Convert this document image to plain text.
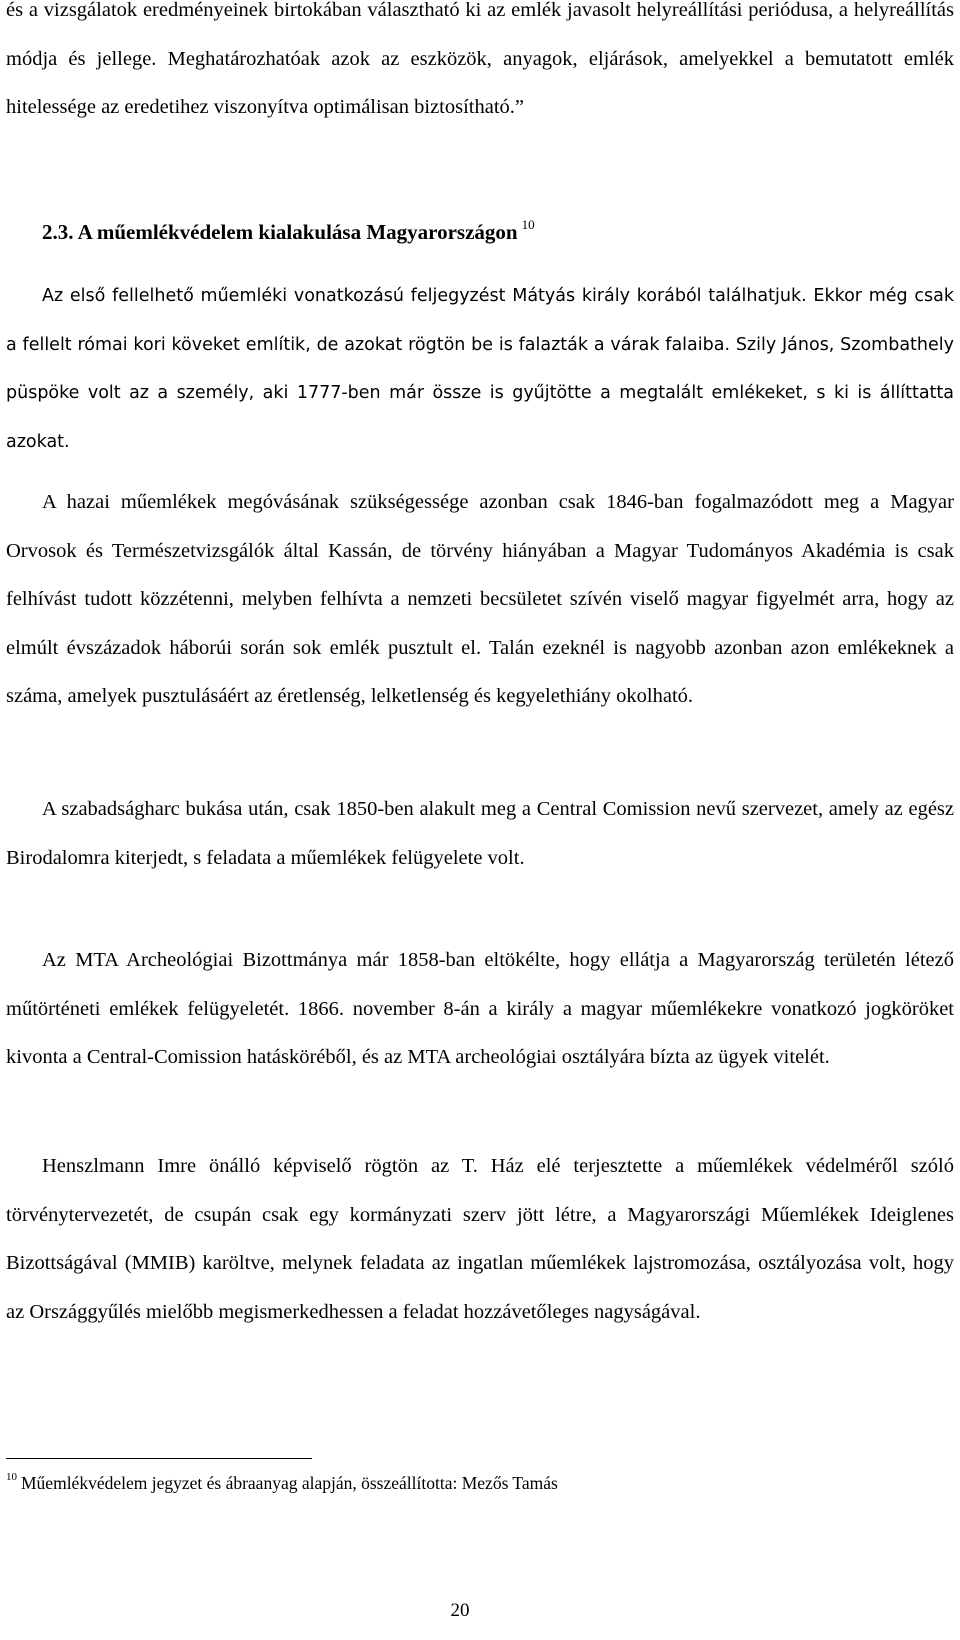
és a vizsgálatok eredményeinek birtokában választható ki az emlék javasolt helyreállítási periódusa, a helyreállítás módja és jellege. Meghatározhatóak azok az eszközök, anyagok, eljárások, amelyekkel a bemutatott emlék hitelessége az eredetihez viszonyítva optimálisan biztosítható.”

2.3. A műemlékvédelem kialakulása Magyarországon $^{10}$

Az első fellelhető műemléki vonatkozású feljegyzést Mátyás király korából találhatjuk. Ekkor még csak a fellelt római kori köveket említik, de azokat rögtön be is falazták a várak falaiba. Szily János, Szombathely püspöke volt az a személy, aki 1777-ben már össze is gyűjtötte a megtalált emlékeket, s ki is állíttatta azokat.

A hazai műemlékek megóvásának szükségessége azonban csak 1846-ban fogalmazódott meg a Magyar Orvosok és Természetvizsgálók által Kassán, de törvény hiányában a Magyar Tudományos Akadémia is csak felhívást tudott közzétenni, melyben felhívta a nemzeti becsületet szívén viselő magyar figyelmét arra, hogy az elmúlt évszázadok háborúi során sok emlék pusztult el. Talán ezeknél is nagyobb azonban azon emlékeknek a száma, amelyek pusztulásáért az éretlenség, lelketlenség és kegyelethiány okolható.

A szabadságharc bukása után, csak 1850-ben alakult meg a Central Comission nevű szervezet, amely az egész Birodalomra kiterjedt, s feladata a műemlékek felügyelete volt.

Az MTA Archeológiai Bizottmánya már 1858-ban eltökélte, hogy ellátja a Magyarország területén létező műtörténeti emlékek felügyeletét. 1866. november 8-án a király a magyar műemlékekre vonatkozó jogköröket kivonta a Central-Comission hatásköréből, és az MTA archeológiai osztályára bízta az ügyek vitelét.

Henszlmann Imre önálló képviselő rögtön az T. Ház elé terjesztette a műemlékek védelméről szóló törvénytervezetét, de csupán csak egy kormányzati szerv jött létre, a Magyarországi Műemlékek Ideiglenes Bizottságával (MMIB) karöltve, melynek feladata az ingatlan műemlékek lajstromozása, osztályozása volt, hogy az Országgyűlés mielőbb megismerkedhessen a feladat hozzávetőleges nagyságával.

$^{10}$ Műemlékvédelem jegyzet és ábraanyag alapján, összeállította: Mezős Tamás

20
